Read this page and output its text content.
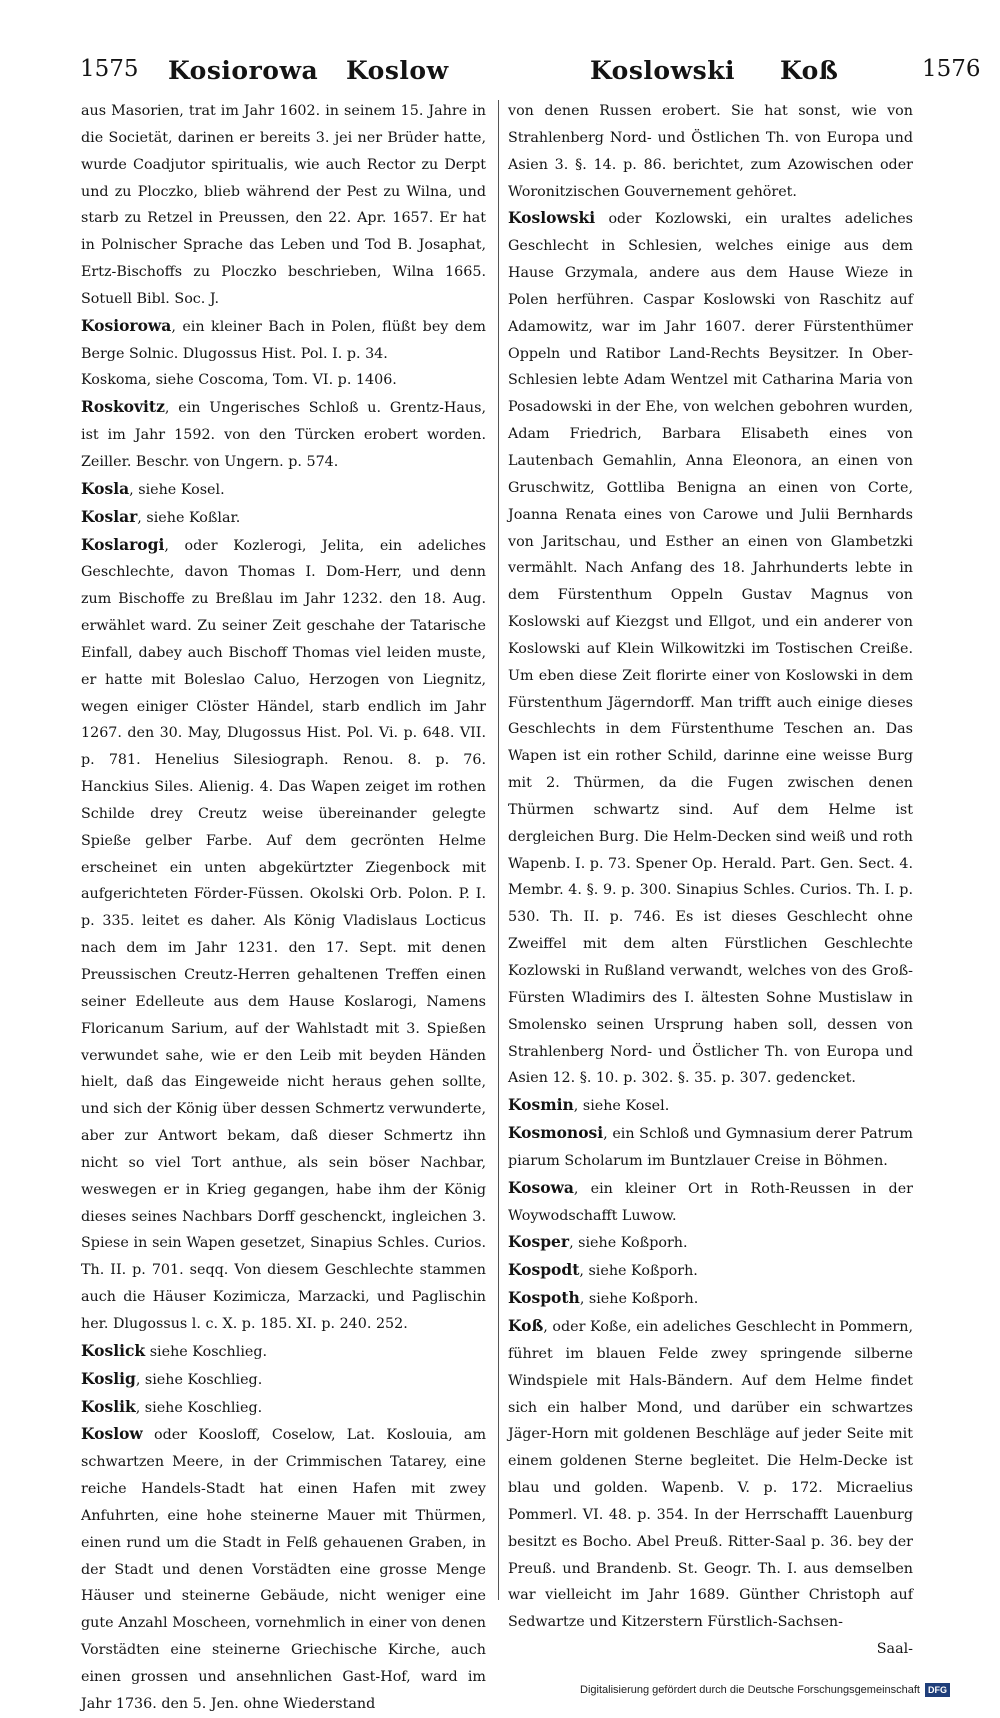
1575 Kosiorowa Koslow	Koslowski Koß	1576

aus Masorien, trat im Jahr 1602. in seinem 15. Jahre in die Societät, darinen er bereits 3. jei ner Brüder hatte, wurde Coadjutor spiritualis, wie auch Rector zu Derpt und zu Ploczko, blieb während der Pest zu Wilna, und starb zu Retzel in Preussen, den 22. Apr. 1657. Er hat in Polnischer Sprache das Leben und Tod B. Josaphat, Ertz-Bischoffs zu Ploczko beschrieben, Wilna 1665. Sotuell Bibl. Soc. J.

Kosiorowa, ein kleiner Bach in Polen, flüßt bey dem Berge Solnic. Dlugossus Hist. Pol. I. p. 34.

Koskoma, siehe Coscoma, Tom. VI. p. 1406.

Roskovitz, ein Ungerisches Schloß u. Grentz-Haus, ist im Jahr 1592. von den Türcken erobert worden. Zeiller. Beschr. von Ungern. p. 574.

Kosla, siehe Kosel.

Koslar, siehe Koßlar.

Koslarogi, oder Kozlerogi, Jelita, ein adeliches Geschlechte, davon Thomas I. Dom-Herr, und denn zum Bischoffe zu Breßlau im Jahr 1232. den 18. Aug. erwählet ward. Zu seiner Zeit geschahe der Tatarische Einfall, dabey auch Bischoff Thomas viel leiden muste, er hatte mit Boleslao Caluo, Herzogen von Liegnitz, wegen einiger Clöster Händel, starb endlich im Jahr 1267. den 30. May, Dlugossus Hist. Pol. Vi. p. 648. VII. p. 781. Henelius Silesiograph. Renou. 8. p. 76. Hanckius Siles. Alienig. 4. Das Wapen zeiget im rothen Schilde drey Creutz weise übereinander gelegte Spieße gelber Farbe. Auf dem gecrönten Helme erscheinet ein unten abgekürtzter Ziegenbock mit aufgerichteten Förder-Füssen. Okolski Orb. Polon. P. I. p. 335. leitet es daher. Als König Vladislaus Locticus nach dem im Jahr 1231. den 17. Sept. mit denen Preussischen Creutz-Herren gehaltenen Treffen einen seiner Edelleute aus dem Hause Koslarogi, Namens Floricanum Sarium, auf der Wahlstadt mit 3. Spießen verwundet sahe, wie er den Leib mit beyden Händen hielt, daß das Eingeweide nicht heraus gehen sollte, und sich der König über dessen Schmertz verwunderte, aber zur Antwort bekam, daß dieser Schmertz ihn nicht so viel Tort anthue, als sein böser Nachbar, weswegen er in Krieg gegangen, habe ihm der König dieses seines Nachbars Dorff geschenckt, ingleichen 3. Spiese in sein Wapen gesetzet, Sinapius Schles. Curios. Th. II. p. 701. seqq. Von diesem Geschlechte stammen auch die Häuser Kozimicza, Marzacki, und Paglischin her. Dlugossus l. c. X. p. 185. XI. p. 240. 252.

Koslick siehe Koschlieg.

Koslig, siehe Koschlieg.

Koslik, siehe Koschlieg.

Koslow oder Koosloff, Coselow, Lat. Koslouia, am schwartzen Meere, in der Crimmischen Tatarey, eine reiche Handels-Stadt hat einen Hafen mit zwey Anfuhrten, eine hohe steinerne Mauer mit Thürmen, einen rund um die Stadt in Felß gehauenen Graben, in der Stadt und denen Vorstädten eine grosse Menge Häuser und steinerne Gebäude, nicht weniger eine gute Anzahl Moscheen, vornehmlich in einer von denen Vorstädten eine steinerne Griechische Kirche, auch einen grossen und ansehnlichen Gast-Hof, ward im Jahr 1736. den 5. Jen. ohne Wiederstand

von denen Russen erobert. Sie hat sonst, wie von Strahlenberg Nord- und Östlichen Th. von Europa und Asien 3. §. 14. p. 86. berichtet, zum Azowischen oder Woronitzischen Gouvernement gehöret.

Koslowski oder Kozlowski, ein uraltes adeliches Geschlecht in Schlesien, welches einige aus dem Hause Grzymala, andere aus dem Hause Wieze in Polen herführen. Caspar Koslowski von Raschitz auf Adamowitz, war im Jahr 1607. derer Fürstenthümer Oppeln und Ratibor Land-Rechts Beysitzer. In Ober-Schlesien lebte Adam Wentzel mit Catharina Maria von Posadowski in der Ehe, von welchen gebohren wurden, Adam Friedrich, Barbara Elisabeth eines von Lautenbach Gemahlin, Anna Eleonora, an einen von Gruschwitz, Gottliba Benigna an einen von Corte, Joanna Renata eines von Carowe und Julii Bernhards von Jaritschau, und Esther an einen von Glambetzki vermählt. Nach Anfang des 18. Jahrhunderts lebte in dem Fürstenthum Oppeln Gustav Magnus von Koslowski auf Kiezgst und Ellgot, und ein anderer von Koslowski auf Klein Wilkowitzki im Tostischen Creiße. Um eben diese Zeit florirte einer von Koslowski in dem Fürstenthum Jägerndorff. Man trifft auch einige dieses Geschlechts in dem Fürstenthume Teschen an. Das Wapen ist ein rother Schild, darinne eine weisse Burg mit 2. Thürmen, da die Fugen zwischen denen Thürmen schwartz sind. Auf dem Helme ist dergleichen Burg. Die Helm-Decken sind weiß und roth Wapenb. I. p. 73. Spener Op. Herald. Part. Gen. Sect. 4. Membr. 4. §. 9. p. 300. Sinapius Schles. Curios. Th. I. p. 530. Th. II. p. 746. Es ist dieses Geschlecht ohne Zweiffel mit dem alten Fürstlichen Geschlechte Kozlowski in Rußland verwandt, welches von des Groß-Fürsten Wladimirs des I. ältesten Sohne Mustislaw in Smolensko seinen Ursprung haben soll, dessen von Strahlenberg Nord- und Östlicher Th. von Europa und Asien 12. §. 10. p. 302. §. 35. p. 307. gedencket.

Kosmin, siehe Kosel.

Kosmonosi, ein Schloß und Gymnasium derer Patrum piarum Scholarum im Buntzlauer Creise in Böhmen.

Kosowa, ein kleiner Ort in Roth-Reussen in der Woywodschafft Luwow.

Kosper, siehe Koßporh.

Kospodt, siehe Koßporh.

Kospoth, siehe Koßporh.

Koß, oder Koße, ein adeliches Geschlecht in Pommern, führet im blauen Felde zwey springende silberne Windspiele mit Hals-Bändern. Auf dem Helme findet sich ein halber Mond, und darüber ein schwartzes Jäger-Horn mit goldenen Beschläge auf jeder Seite mit einem goldenen Sterne begleitet. Die Helm-Decke ist blau und golden. Wapenb. V. p. 172. Micraelius Pommerl. VI. 48. p. 354. In der Herrschafft Lauenburg besitzt es Bocho. Abel Preuß. Ritter-Saal p. 36. bey der Preuß. und Brandenb. St. Geogr. Th. I. aus demselben war vielleicht im Jahr 1689. Günther Christoph auf Sedwartze und Kitzerstern Fürstlich-Sachsen-

Saal-
Digitalisierung gefördert durch die Deutsche Forschungsgemeinschaft DFG
